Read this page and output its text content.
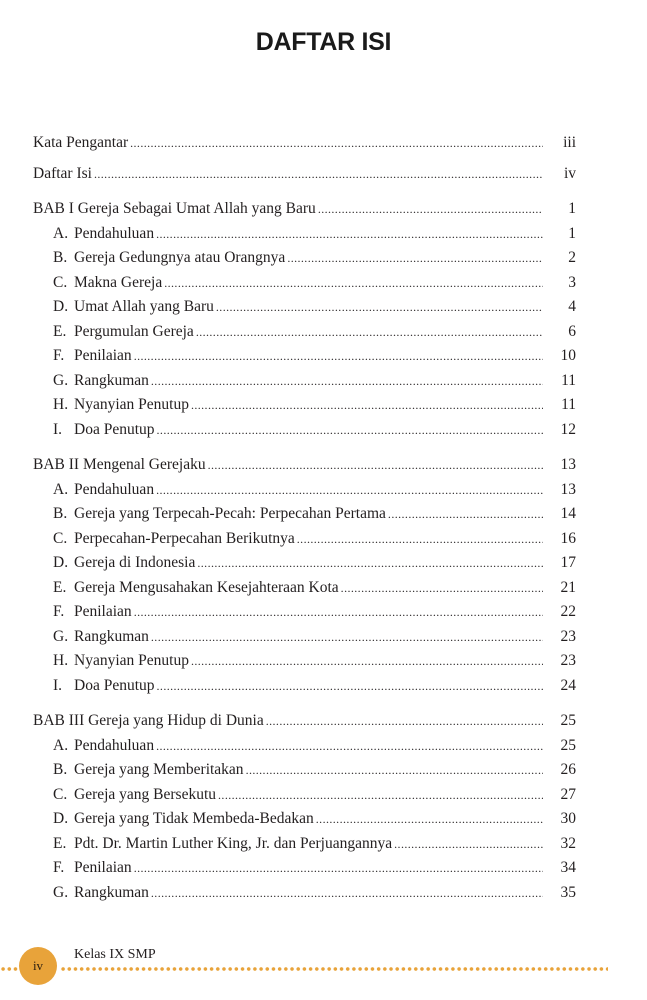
DAFTAR ISI
Kata Pengantar .....	iii
Daftar Isi .....	iv
BAB I Gereja Sebagai Umat Allah yang Baru .....	1
A. Pendahuluan .....	1
B. Gereja Gedungnya atau Orangnya .....	2
C. Makna Gereja .....	3
D. Umat Allah yang Baru .....	4
E. Pergumulan Gereja .....	6
F. Penilaian .....	10
G. Rangkuman .....	11
H. Nyanyian Penutup .....	11
I. Doa Penutup .....	12
BAB II Mengenal Gerejaku .....	13
A. Pendahuluan .....	13
B. Gereja yang Terpecah-Pecah: Perpecahan Pertama .....	14
C. Perpecahan-Perpecahan Berikutnya .....	16
D. Gereja di Indonesia .....	17
E. Gereja Mengusahakan Kesejahteraan Kota .....	21
F. Penilaian .....	22
G. Rangkuman .....	23
H. Nyanyian Penutup .....	23
I. Doa Penutup .....	24
BAB III Gereja yang Hidup di Dunia .....	25
A. Pendahuluan .....	25
B. Gereja yang Memberitakan .....	26
C. Gereja yang Bersekutu .....	27
D. Gereja yang Tidak Membeda-Bedakan .....	30
E. Pdt. Dr. Martin Luther King, Jr. dan Perjuangannya .....	32
F. Penilaian .....	34
G. Rangkuman .....	35
iv
Kelas IX SMP
